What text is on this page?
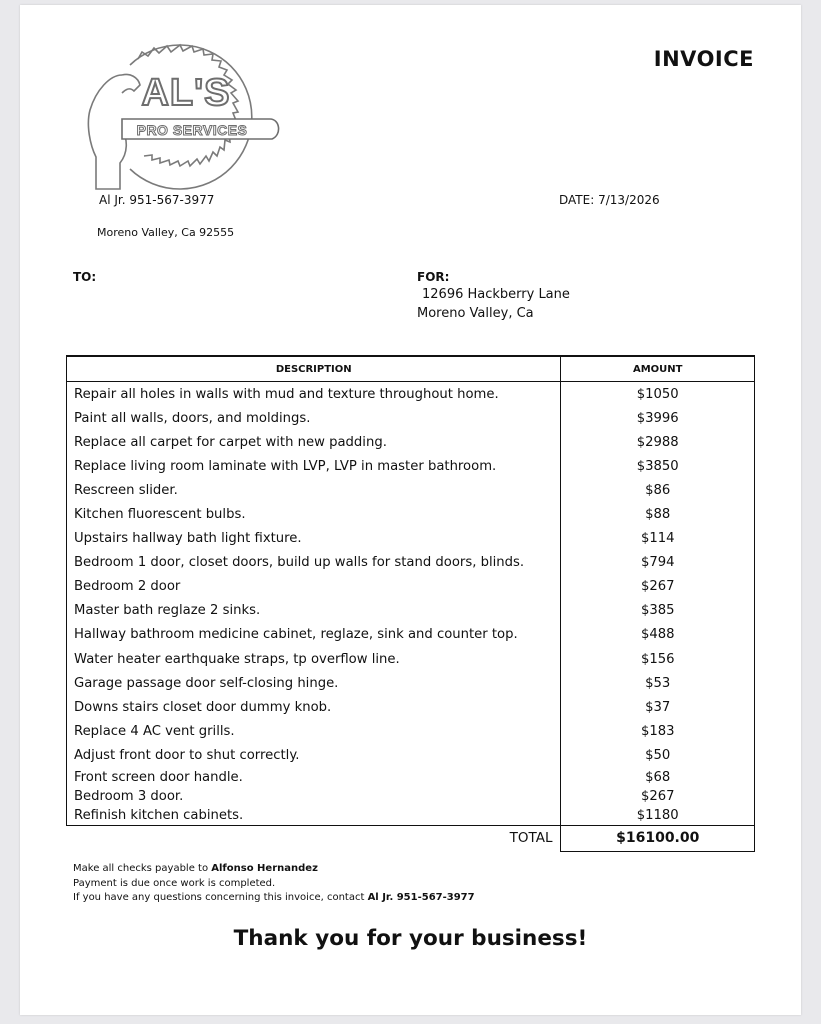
AL'S
PRO SERVICES
INVOICE
Al Jr. 951-567-3977
Moreno Valley, Ca 92555
DATE: 7/13/2026
TO:	FOR:
12696 Hackberry Lane
Moreno Valley, Ca
DESCRIPTION	AMOUNT
Repair all holes in walls with mud and texture throughout home.	$1050
Paint all walls, doors, and moldings.	$3996
Replace all carpet for carpet with new padding.	$2988
Replace living room laminate with LVP, LVP in master bathroom.	$3850
Rescreen slider.	$86
Kitchen fluorescent bulbs.	$88
Upstairs hallway bath light fixture.	$114
Bedroom 1 door, closet doors, build up walls for stand doors, blinds.	$794
Bedroom 2 door	$267
Master bath reglaze 2 sinks.	$385
Hallway bathroom medicine cabinet, reglaze, sink and counter top.	$488
Water heater earthquake straps, tp overflow line.	$156
Garage passage door self-closing hinge.	$53
Downs stairs closet door dummy knob.	$37
Replace 4 AC vent grills.	$183
Adjust front door to shut correctly.	$50
Front screen door handle.	$68
Bedroom 3 door.	$267
Refinish kitchen cabinets.	$1180
TOTAL	$16100.00
Make all checks payable to Alfonso Hernandez
Payment is due once work is completed.
If you have any questions concerning this invoice, contact Al Jr. 951-567-3977
Thank you for your business!
